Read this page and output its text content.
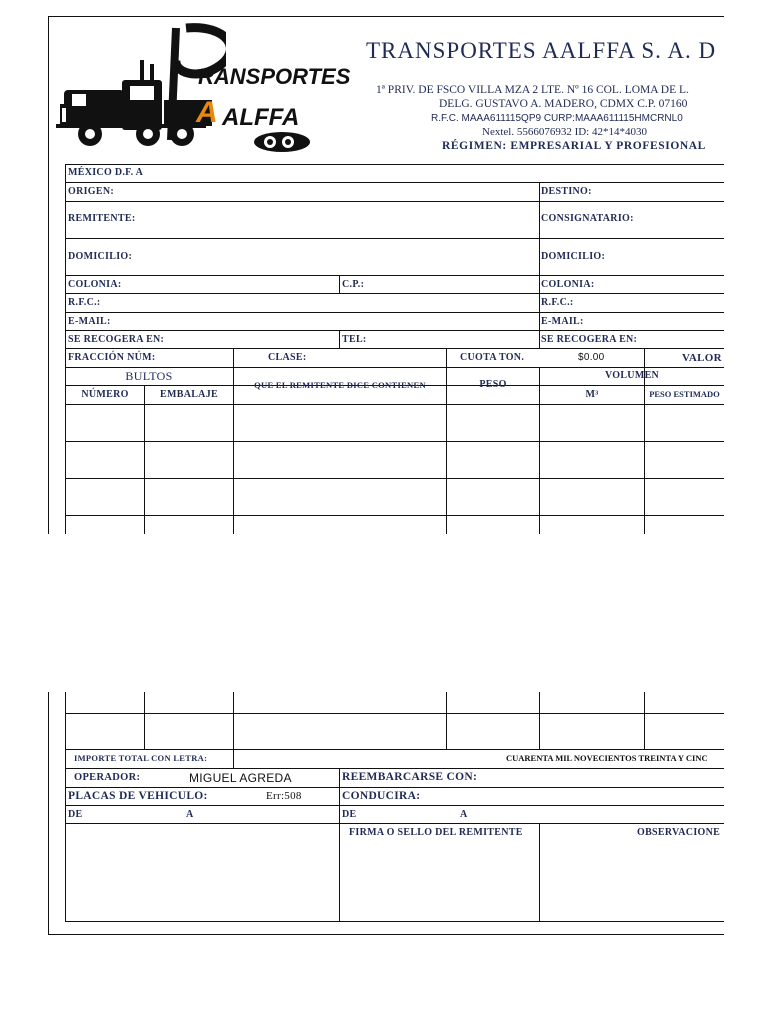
RANSPORTES
A ALFFA
TRANSPORTES AALFFA S. A. D
1ª PRIV. DE FSCO VILLA MZA 2 LTE. Nº 16 COL. LOMA DE L.
DELG. GUSTAVO A. MADERO, CDMX C.P. 07160
R.F.C. MAAA611115QP9 CURP:MAAA611115HMCRNL0
Nextel. 5566076932 ID: 42*14*4030
RÉGIMEN: EMPRESARIAL Y PROFESIONAL
MÉXICO D.F. A
ORIGEN:	DESTINO:
REMITENTE:	CONSIGNATARIO:
DOMICILIO:	DOMICILIO:
COLONIA:	C.P.:	COLONIA:
R.F.C.:	R.F.C.:
E-MAIL:	E-MAIL:
SE RECOGERA EN:	TEL:	SE RECOGERA EN:
FRACCIÓN NÚM:	CLASE:	CUOTA TON.	$0.00	VALOR
BULTOS
NÚMERO	EMBALAJE
QUE EL REMITENTE DICE CONTIENEN	PESO
VOLUMEN
M³	PESO ESTIMADO
IMPORTE TOTAL CON LETRA:	CUARENTA MIL NOVECIENTOS TREINTA Y CINC
OPERADOR:	MIGUEL AGREDA	REEMBARCARSE CON:
PLACAS DE VEHICULO:	Err:508	CONDUCIRA:
DE	A	DE	A
FIRMA O SELLO DEL REMITENTE	OBSERVACIONE
